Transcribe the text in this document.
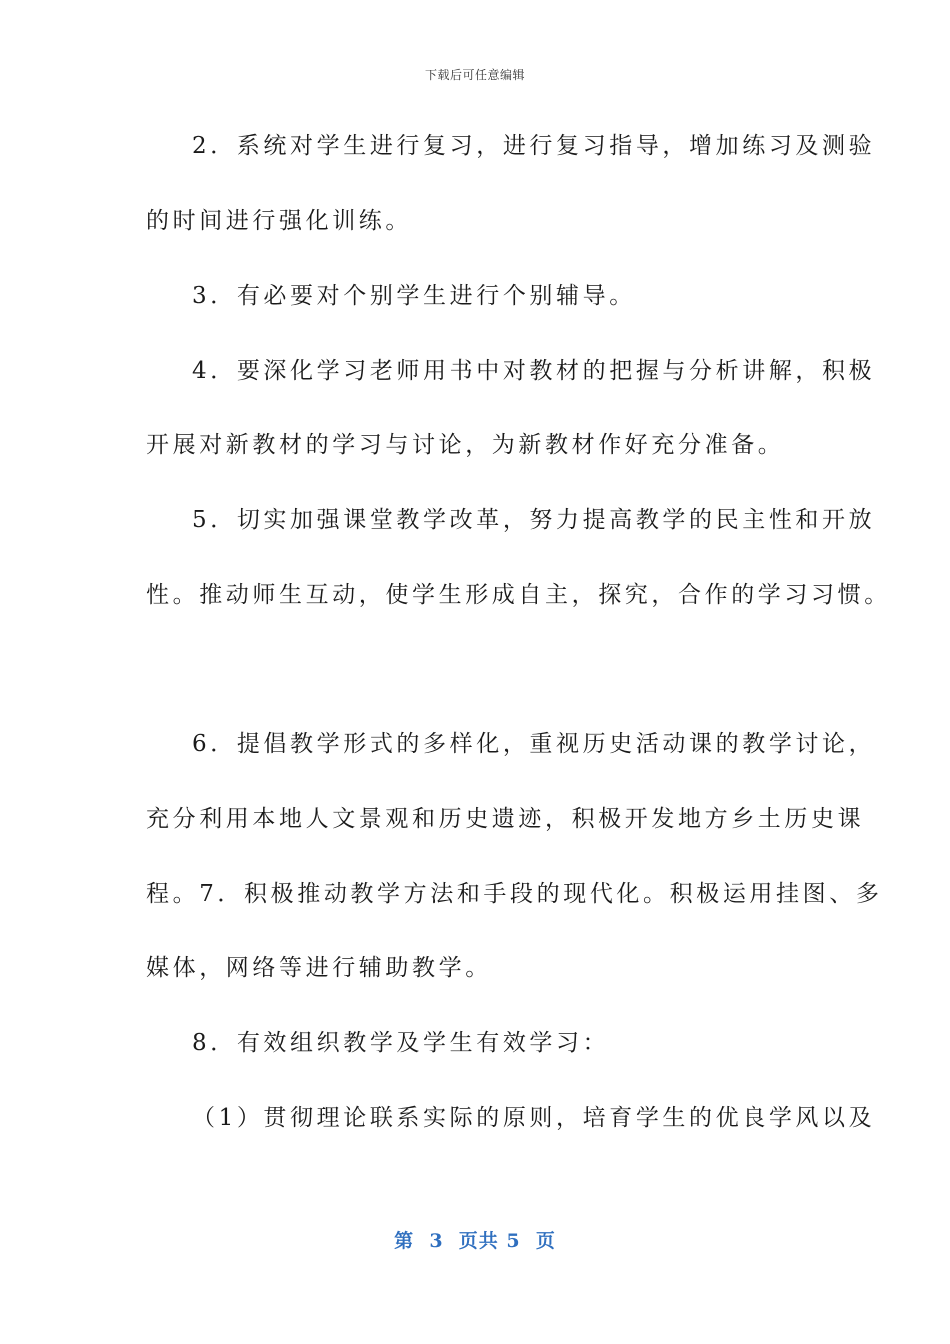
下载后可任意编辑
2．系统对学生进行复习，进行复习指导，增加练习及测验
的时间进行强化训练。
3．有必要对个别学生进行个别辅导。
4．要深化学习老师用书中对教材的把握与分析讲解，积极
开展对新教材的学习与讨论，为新教材作好充分准备。
5．切实加强课堂教学改革，努力提高教学的民主性和开放
性。推动师生互动，使学生形成自主，探究，合作的学习习惯。
6．提倡教学形式的多样化，重视历史活动课的教学讨论，
充分利用本地人文景观和历史遗迹，积极开发地方乡土历史课
程。7．积极推动教学方法和手段的现代化。积极运用挂图、多
媒体，网络等进行辅助教学。
8．有效组织教学及学生有效学习：
（1）贯彻理论联系实际的原则，培育学生的优良学风以及
第  3  页共 5  页
